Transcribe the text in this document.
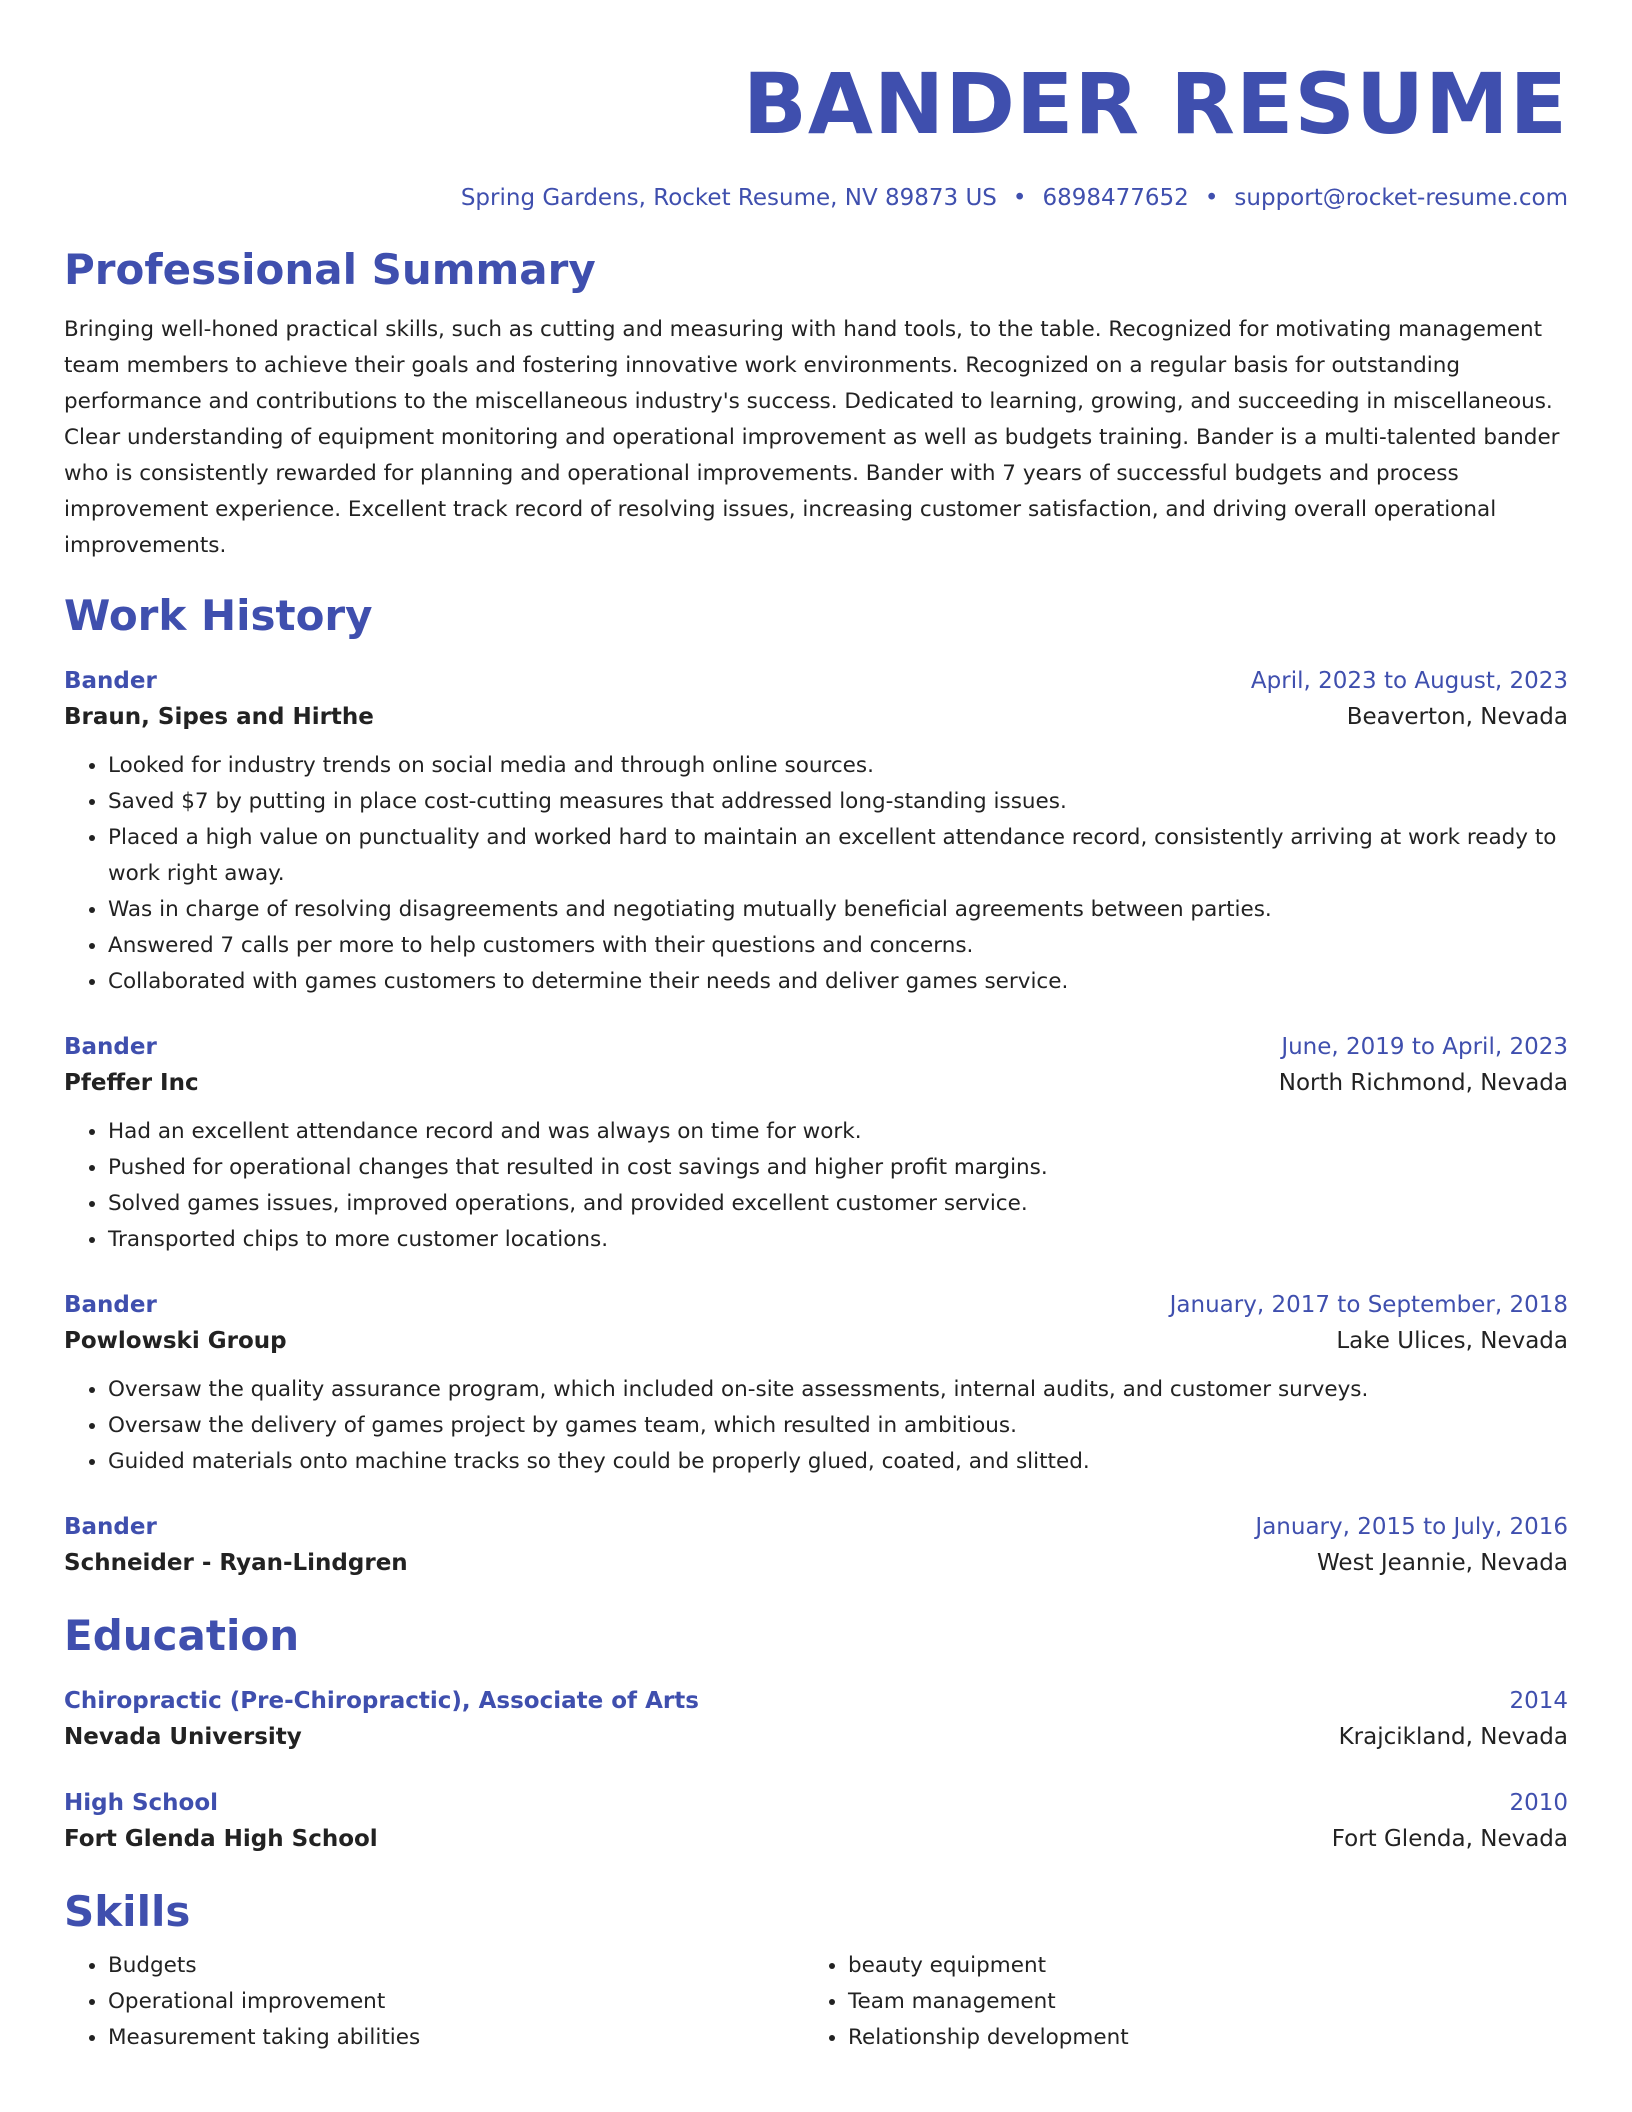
BANDER RESUME
Spring Gardens, Rocket Resume, NV 89873 US • 6898477652 • support@rocket-resume.com
Professional Summary
Bringing well-honed practical skills, such as cutting and measuring with hand tools, to the table. Recognized for motivating management team members to achieve their goals and fostering innovative work environments. Recognized on a regular basis for outstanding performance and contributions to the miscellaneous industry's success. Dedicated to learning, growing, and succeeding in miscellaneous. Clear understanding of equipment monitoring and operational improvement as well as budgets training. Bander is a multi-talented bander who is consistently rewarded for planning and operational improvements. Bander with 7 years of successful budgets and process improvement experience. Excellent track record of resolving issues, increasing customer satisfaction, and driving overall operational improvements.
Work History
Bander	April, 2023 to August, 2023
Braun, Sipes and Hirthe	Beaverton, Nevada
• Looked for industry trends on social media and through online sources.
• Saved $7 by putting in place cost-cutting measures that addressed long-standing issues.
• Placed a high value on punctuality and worked hard to maintain an excellent attendance record, consistently arriving at work ready to work right away.
• Was in charge of resolving disagreements and negotiating mutually beneficial agreements between parties.
• Answered 7 calls per more to help customers with their questions and concerns.
• Collaborated with games customers to determine their needs and deliver games service.
Bander	June, 2019 to April, 2023
Pfeffer Inc	North Richmond, Nevada
• Had an excellent attendance record and was always on time for work.
• Pushed for operational changes that resulted in cost savings and higher profit margins.
• Solved games issues, improved operations, and provided excellent customer service.
• Transported chips to more customer locations.
Bander	January, 2017 to September, 2018
Powlowski Group	Lake Ulices, Nevada
• Oversaw the quality assurance program, which included on-site assessments, internal audits, and customer surveys.
• Oversaw the delivery of games project by games team, which resulted in ambitious.
• Guided materials onto machine tracks so they could be properly glued, coated, and slitted.
Bander	January, 2015 to July, 2016
Schneider - Ryan-Lindgren	West Jeannie, Nevada
Education
Chiropractic (Pre-Chiropractic), Associate of Arts	2014
Nevada University	Krajcikland, Nevada
High School	2010
Fort Glenda High School	Fort Glenda, Nevada
Skills
• Budgets
• Operational improvement
• Measurement taking abilities
• beauty equipment
• Team management
• Relationship development
